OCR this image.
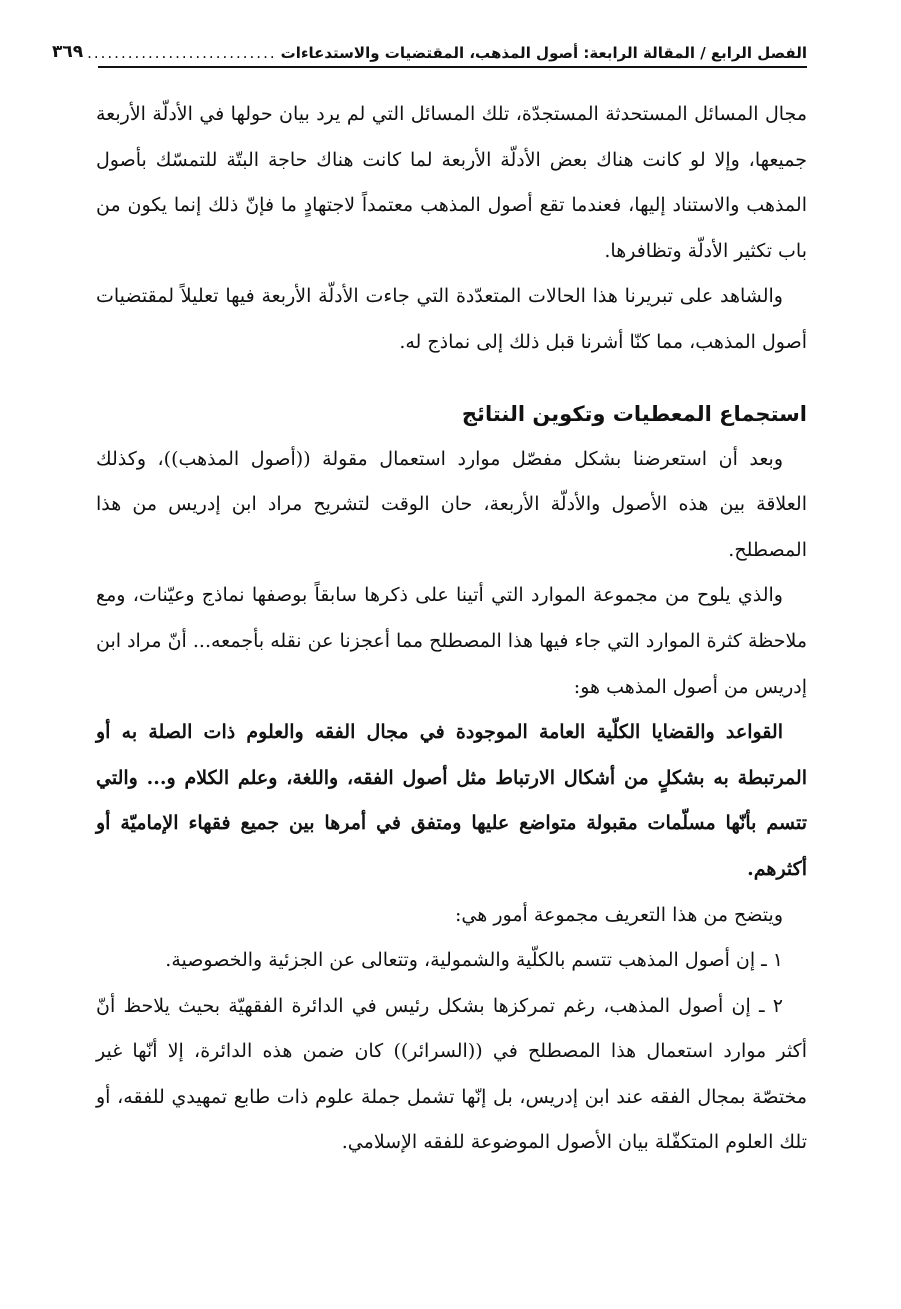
الفصل الرابع / المقالة الرابعة: أصول المذهب، المقتضيات والاستدعاءات
............................
٣٦٩

مجال المسائل المستحدثة المستجدّة، تلك المسائل التي لم يرد بيان حولها في الأدلّة الأربعة جميعها، وإلا لو كانت هناك بعض الأدلّة الأربعة لما كانت هناك حاجة البتّة للتمسّك بأصول المذهب والاستناد إليها، فعندما تقع أصول المذهب معتمداً لاجتهادٍ ما فإنّ ذلك إنما يكون من باب تكثير الأدلّة وتظافرها.

والشاهد على تبريرنا هذا الحالات المتعدّدة التي جاءت الأدلّة الأربعة فيها تعليلاً لمقتضيات أصول المذهب، مما كنّا أشرنا قبل ذلك إلى نماذج له.

استجماع المعطيات وتكوين النتائج

وبعد أن استعرضنا بشكل مفصّل موارد استعمال مقولة ((أصول المذهب))، وكذلك العلاقة بين هذه الأصول والأدلّة الأربعة، حان الوقت لتشريح مراد ابن إدريس من هذا المصطلح.

والذي يلوح من مجموعة الموارد التي أتينا على ذكرها سابقاً بوصفها نماذج وعيّنات، ومع ملاحظة كثرة الموارد التي جاء فيها هذا المصطلح مما أعجزنا عن نقله بأجمعه... أنّ مراد ابن إدريس من أصول المذهب هو:

القواعد والقضايا الكلّية العامة الموجودة في مجال الفقه والعلوم ذات الصلة به أو المرتبطة به بشكلٍ من أشكال الارتباط مثل أصول الفقه، واللغة، وعلم الكلام و... والتي تتسم بأنّها مسلّمات مقبولة متواضع عليها ومتفق في أمرها بين جميع فقهاء الإماميّة أو أكثرهم.

ويتضح من هذا التعريف مجموعة أمور هي:

١ ـ إن أصول المذهب تتسم بالكلّية والشمولية، وتتعالى عن الجزئية والخصوصية.

٢ ـ إن أصول المذهب، رغم تمركزها بشكل رئيس في الدائرة الفقهيّة بحيث يلاحظ أنّ أكثر موارد استعمال هذا المصطلح في ((السرائر)) كان ضمن هذه الدائرة، إلا أنّها غير مختصّة بمجال الفقه عند ابن إدريس، بل إنّها تشمل جملة علوم ذات طابع تمهيدي للفقه، أو تلك العلوم المتكفّلة بيان الأصول الموضوعة للفقه الإسلامي.
